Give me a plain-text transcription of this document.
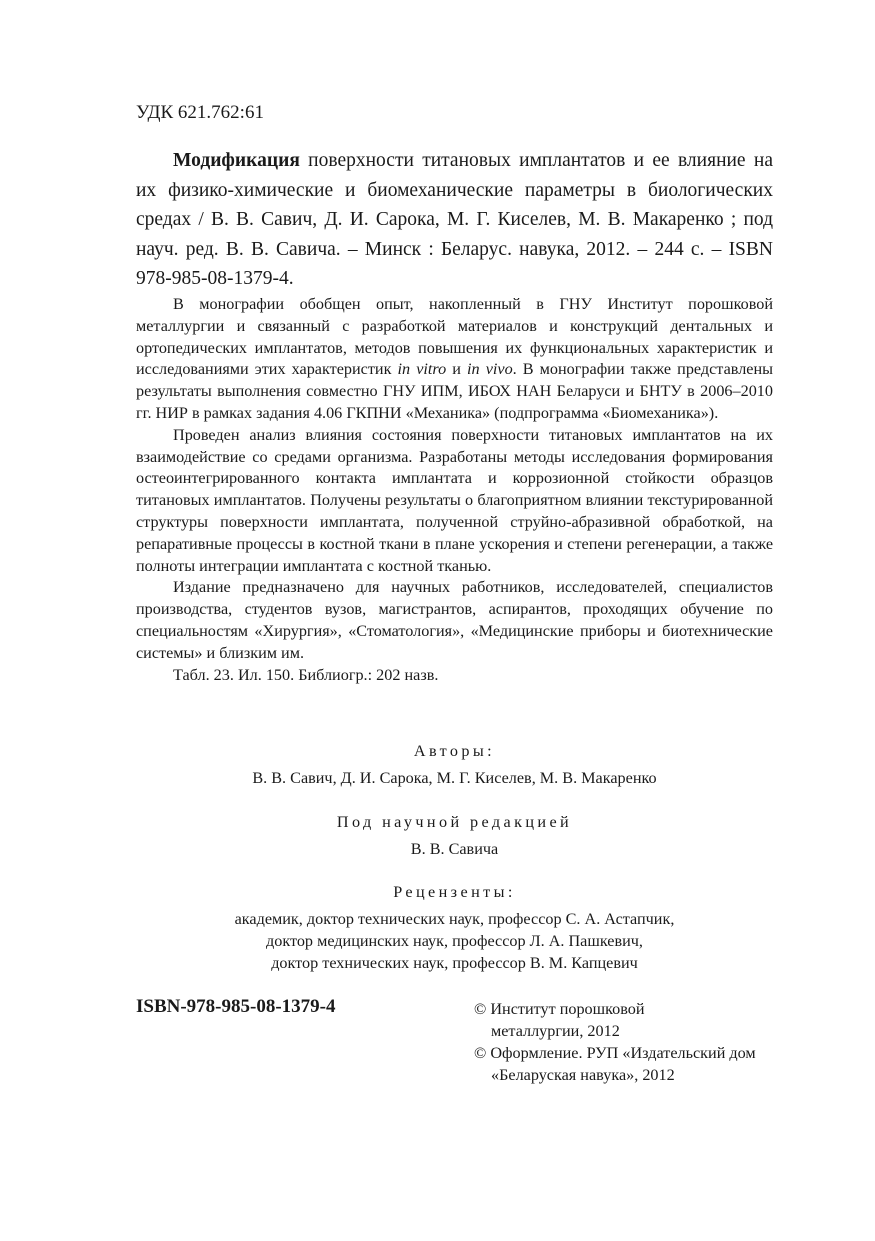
УДК 621.762:61
Модификация поверхности титановых имплантатов и ее влияние на их физико-химические и биомеханические параметры в биологических средах / В. В. Савич, Д. И. Сарока, М. Г. Киселев, М. В. Макаренко ; под науч. ред. В. В. Савича. – Минск : Беларус. навука, 2012. – 244 с. – ISBN 978-985-08-1379-4.

В монографии обобщен опыт, накопленный в ГНУ Институт порошковой металлургии и связанный с разработкой материалов и конструкций дентальных и ортопедических имплантатов, методов повышения их функциональных характеристик и исследованиями этих характеристик in vitro и in vivo. В монографии также представлены результаты выполнения совместно ГНУ ИПМ, ИБОХ НАН Беларуси и БНТУ в 2006–2010 гг. НИР в рамках задания 4.06 ГКПНИ «Механика» (подпрограмма «Биомеханика»).

Проведен анализ влияния состояния поверхности титановых имплантатов на их взаимодействие со средами организма. Разработаны методы исследования формирования остеоинтегрированного контакта имплантата и коррозионной стойкости образцов титановых имплантатов. Получены результаты о благоприятном влиянии текстурированной структуры поверхности имплантата, полученной струйно-абразивной обработкой, на репаративные процессы в костной ткани в плане ускорения и степени регенерации, а также полноты интеграции имплантата с костной тканью.

Издание предназначено для научных работников, исследователей, специалистов производства, студентов вузов, магистрантов, аспирантов, проходящих обучение по специальностям «Хирургия», «Стоматология», «Медицинские приборы и биотехнические системы» и близким им.

Табл. 23. Ил. 150. Библиогр.: 202 назв.

Авторы:
В. В. Савич, Д. И. Сарока, М. Г. Киселев, М. В. Макаренко
Под научной редакцией
В. В. Савича
Рецензенты:
академик, доктор технических наук, профессор С. А. Астапчик,
доктор медицинских наук, профессор Л. А. Пашкевич,
доктор технических наук, профессор В. М. Капцевич
ISBN-978-985-08-1379-4	© Институт порошковой металлургии, 2012
© Оформление. РУП «Издательский дом «Беларуская навука», 2012
